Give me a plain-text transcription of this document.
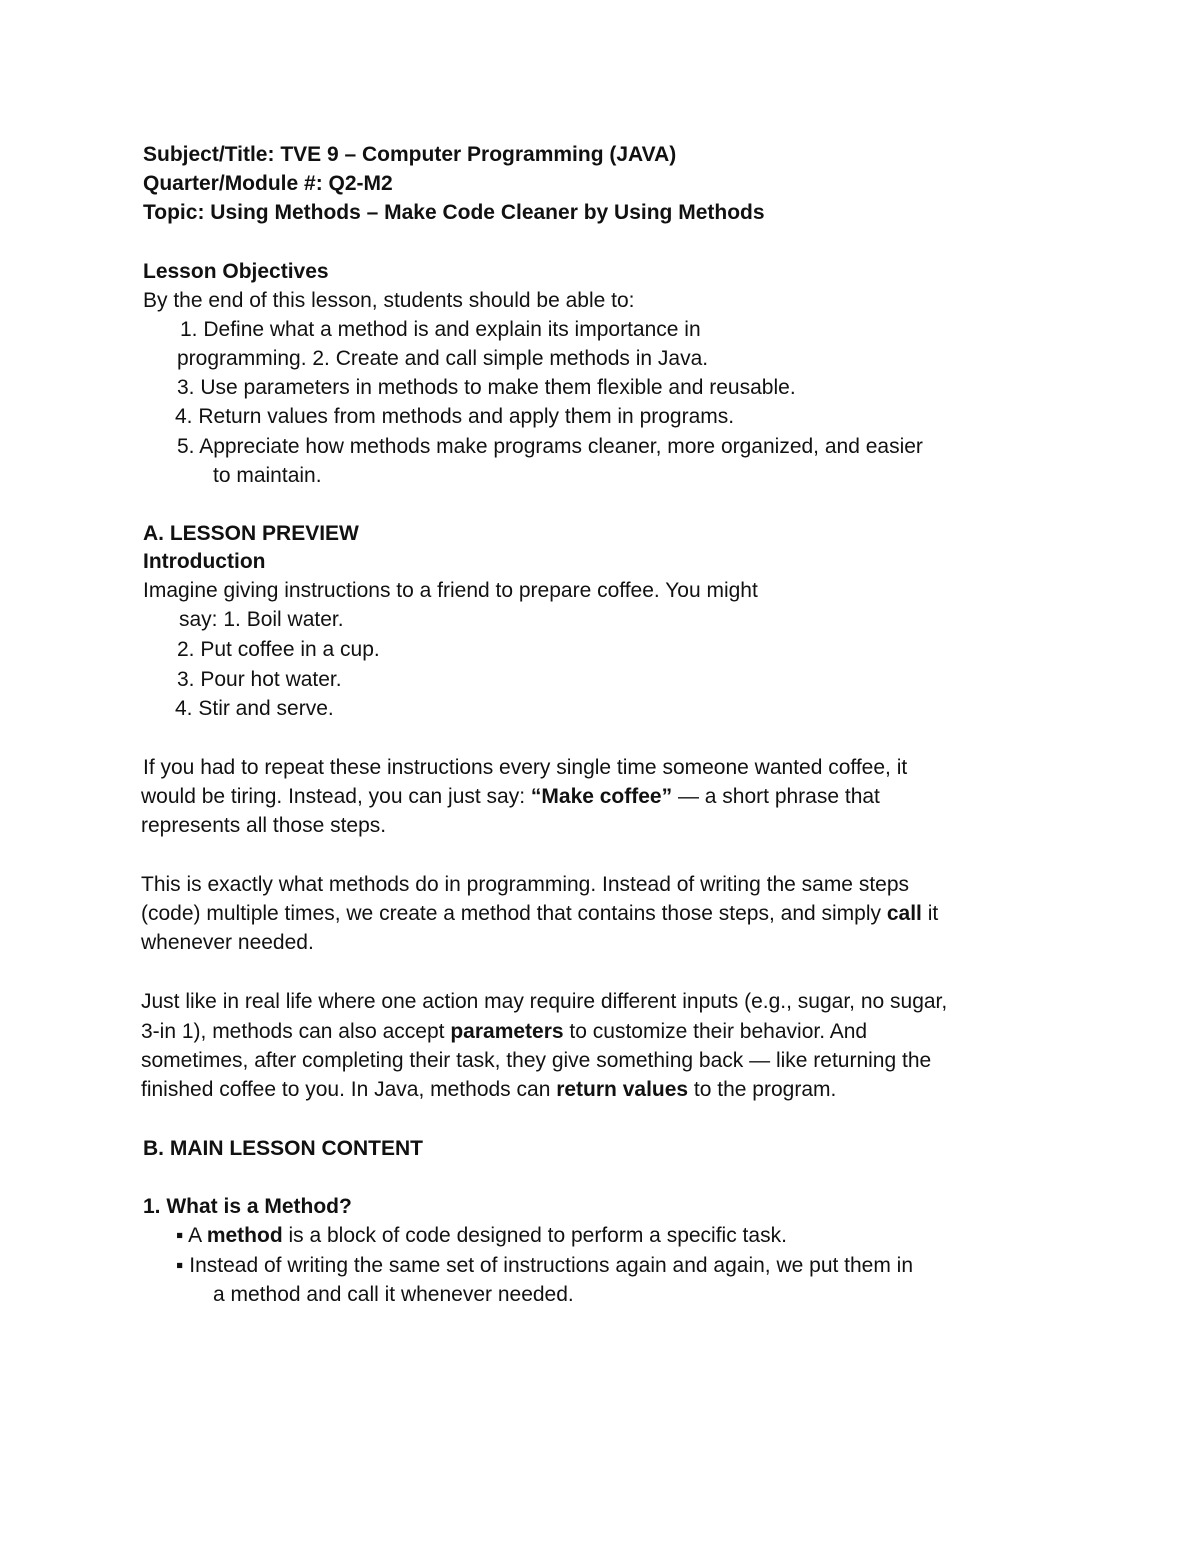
Subject/Title: TVE 9 – Computer Programming (JAVA)

Quarter/Module #: Q2-M2

Topic: Using Methods – Make Code Cleaner by Using Methods

Lesson Objectives

By the end of this lesson, students should be able to:

1. Define what a method is and explain its importance in

programming. 2. Create and call simple methods in Java.

3. Use parameters in methods to make them flexible and reusable.

4. Return values from methods and apply them in programs.

5. Appreciate how methods make programs cleaner, more organized, and easier

to maintain.

A. LESSON PREVIEW

Introduction

Imagine giving instructions to a friend to prepare coffee. You might

say: 1. Boil water.

2. Put coffee in a cup.

3. Pour hot water.

4. Stir and serve.

If you had to repeat these instructions every single time someone wanted coffee, it

would be tiring. Instead, you can just say: “Make coffee” — a short phrase that

represents all those steps.

This is exactly what methods do in programming. Instead of writing the same steps

(code) multiple times, we create a method that contains those steps, and simply call it

whenever needed.

Just like in real life where one action may require different inputs (e.g., sugar, no sugar,

3-in 1), methods can also accept parameters to customize their behavior. And

sometimes, after completing their task, they give something back — like returning the

finished coffee to you. In Java, methods can return values to the program.

B. MAIN LESSON CONTENT

1. What is a Method?

▪ A method is a block of code designed to perform a specific task.

▪ Instead of writing the same set of instructions again and again, we put them in

a method and call it whenever needed.
